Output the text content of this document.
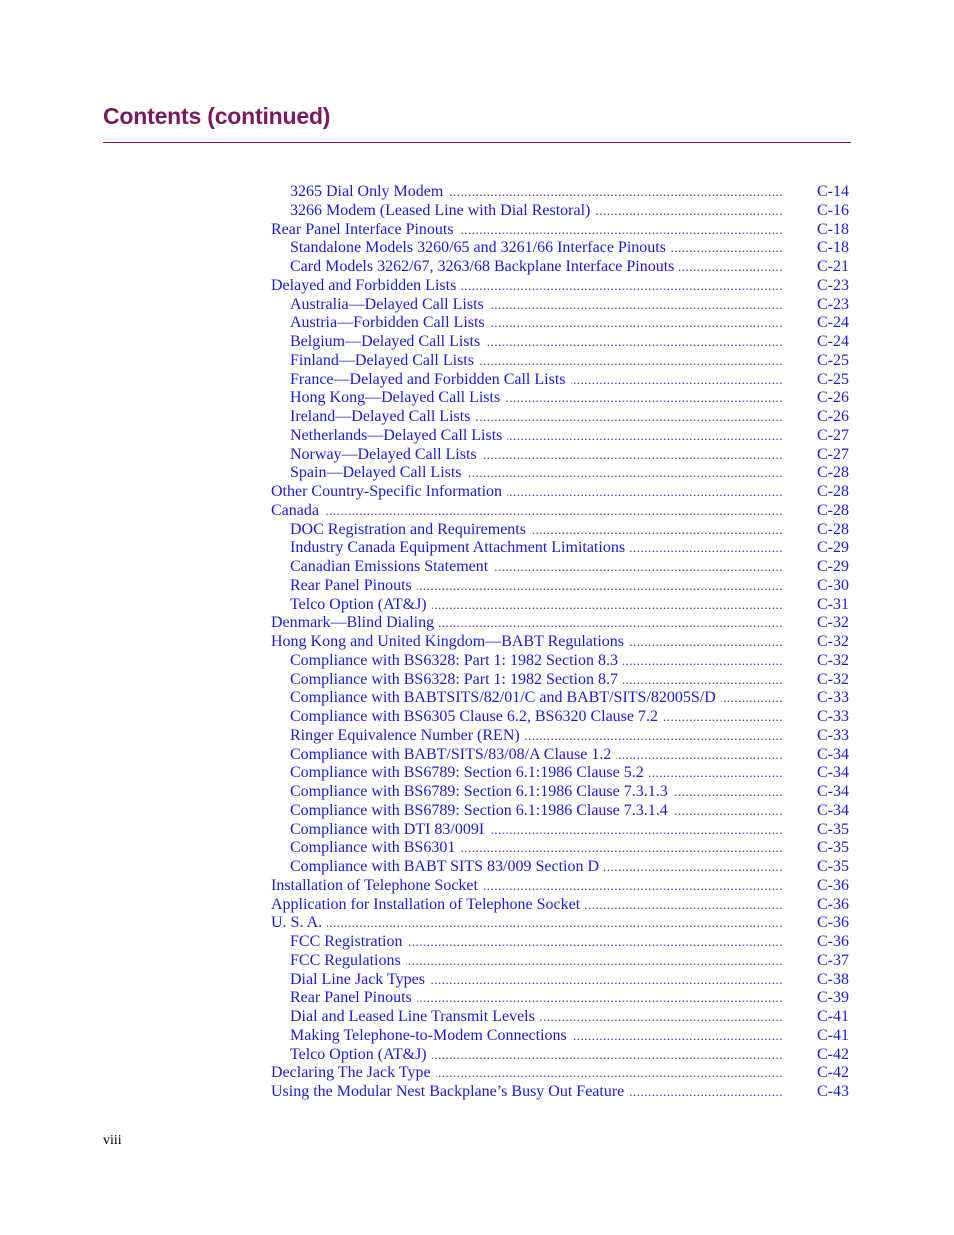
Contents (continued)
3265 Dial Only Modem .....	C-14
3266 Modem (Leased Line with Dial Restoral) .....	C-16
Rear Panel Interface Pinouts .....	C-18
Standalone Models 3260/65 and 3261/66 Interface Pinouts .....	C-18
Card Models 3262/67, 3263/68 Backplane Interface Pinouts .....	C-21
Delayed and Forbidden Lists .....	C-23
Australia—Delayed Call Lists .....	C-23
Austria—Forbidden Call Lists .....	C-24
Belgium—Delayed Call Lists .....	C-24
Finland—Delayed Call Lists .....	C-25
France—Delayed and Forbidden Call Lists .....	C-25
Hong Kong—Delayed Call Lists .....	C-26
Ireland—Delayed Call Lists .....	C-26
Netherlands—Delayed Call Lists .....	C-27
Norway—Delayed Call Lists .....	C-27
Spain—Delayed Call Lists .....	C-28
Other Country-Specific Information .....	C-28
Canada .....	C-28
DOC Registration and Requirements .....	C-28
Industry Canada Equipment Attachment Limitations .....	C-29
Canadian Emissions Statement .....	C-29
Rear Panel Pinouts .....	C-30
Telco Option (AT&J) .....	C-31
Denmark—Blind Dialing .....	C-32
Hong Kong and United Kingdom—BABT Regulations .....	C-32
Compliance with BS6328: Part 1: 1982 Section 8.3 .....	C-32
Compliance with BS6328: Part 1: 1982 Section 8.7 .....	C-32
Compliance with BABTSITS/82/01/C and BABT/SITS/82005S/D .....	C-33
Compliance with BS6305 Clause 6.2, BS6320 Clause 7.2 .....	C-33
Ringer Equivalence Number (REN) .....	C-33
Compliance with BABT/SITS/83/08/A Clause 1.2 .....	C-34
Compliance with BS6789: Section 6.1:1986 Clause 5.2 .....	C-34
Compliance with BS6789: Section 6.1:1986 Clause 7.3.1.3 .....	C-34
Compliance with BS6789: Section 6.1:1986 Clause 7.3.1.4 .....	C-34
Compliance with DTI 83/009I .....	C-35
Compliance with BS6301 .....	C-35
Compliance with BABT SITS 83/009 Section D .....	C-35
Installation of Telephone Socket .....	C-36
Application for Installation of Telephone Socket .....	C-36
U. S. A. .....	C-36
FCC Registration .....	C-36
FCC Regulations .....	C-37
Dial Line Jack Types .....	C-38
Rear Panel Pinouts .....	C-39
Dial and Leased Line Transmit Levels .....	C-41
Making Telephone-to-Modem Connections .....	C-41
Telco Option (AT&J) .....	C-42
Declaring The Jack Type .....	C-42
Using the Modular Nest Backplane’s Busy Out Feature .....	C-43
viii
